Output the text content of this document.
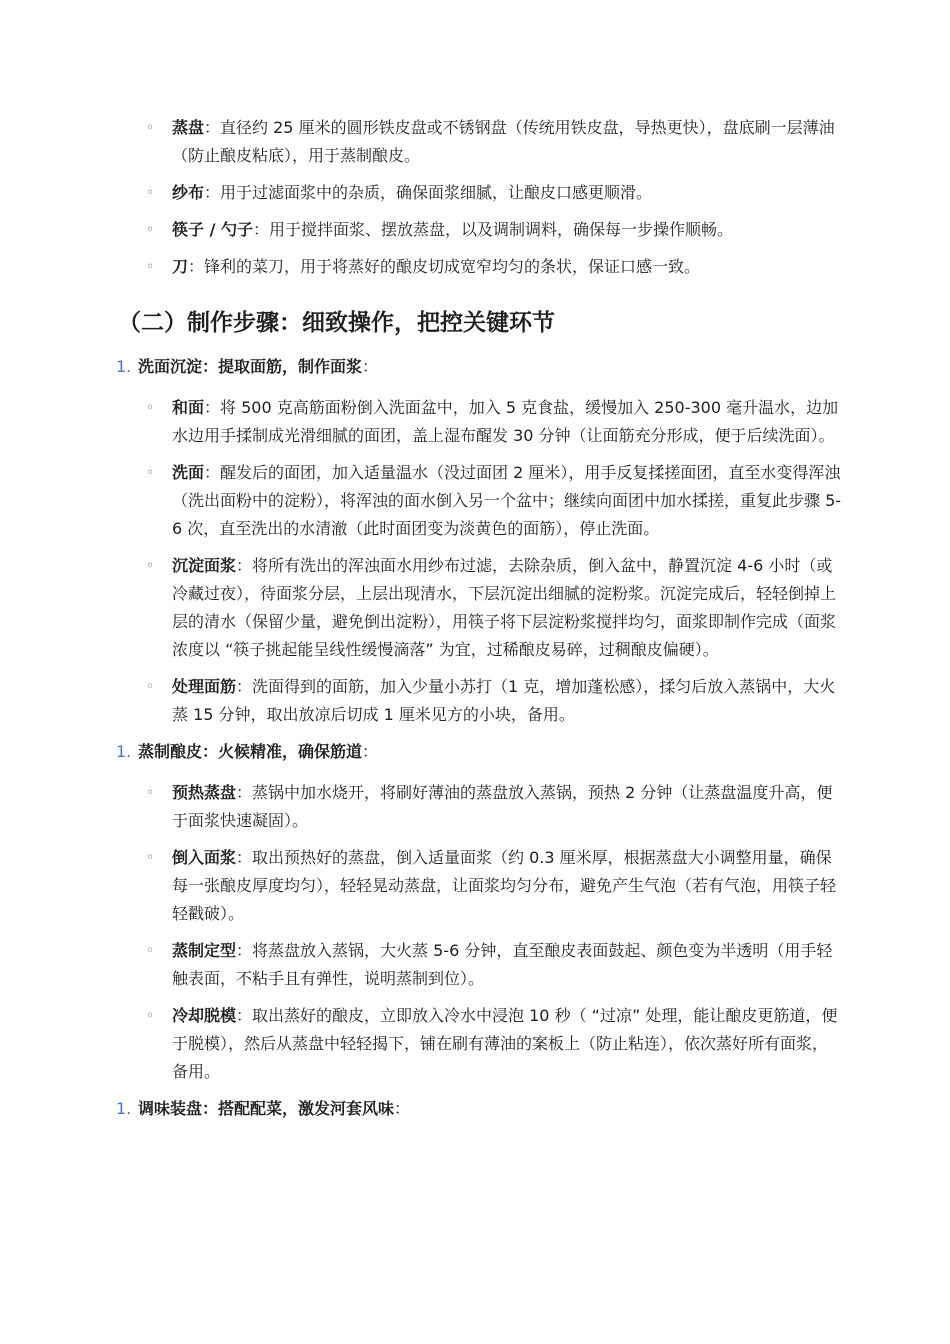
◦ 蒸盘：直径约 25 厘米的圆形铁皮盘或不锈钢盘（传统用铁皮盘，导热更快），盘底刷一层薄油（防止酿皮粘底），用于蒸制酿皮。
◦ 纱布：用于过滤面浆中的杂质，确保面浆细腻，让酿皮口感更顺滑。
◦ 筷子 / 勺子：用于搅拌面浆、摆放蒸盘，以及调制调料，确保每一步操作顺畅。
◦ 刀：锋利的菜刀，用于将蒸好的酿皮切成宽窄均匀的条状，保证口感一致。
（二）制作步骤：细致操作，把控关键环节
1. 洗面沉淀：提取面筋，制作面浆：
◦ 和面：将 500 克高筋面粉倒入洗面盆中，加入 5 克食盐，缓慢加入 250-300 毫升温水，边加水边用手揉制成光滑细腻的面团，盖上湿布醒发 30 分钟（让面筋充分形成，便于后续洗面）。
◦ 洗面：醒发后的面团，加入适量温水（没过面团 2 厘米），用手反复揉搓面团，直至水变得浑浊（洗出面粉中的淀粉），将浑浊的面水倒入另一个盆中；继续向面团中加水揉搓，重复此步骤 5-6 次，直至洗出的水清澈（此时面团变为淡黄色的面筋），停止洗面。
◦ 沉淀面浆：将所有洗出的浑浊面水用纱布过滤，去除杂质，倒入盆中，静置沉淀 4-6 小时（或冷藏过夜），待面浆分层，上层出现清水，下层沉淀出细腻的淀粉浆。沉淀完成后，轻轻倒掉上层的清水（保留少量，避免倒出淀粉），用筷子将下层淀粉浆搅拌均匀，面浆即制作完成（面浆浓度以 “筷子挑起能呈线性缓慢滴落” 为宜，过稀酿皮易碎，过稠酿皮偏硬）。
◦ 处理面筋：洗面得到的面筋，加入少量小苏打（1 克，增加蓬松感），揉匀后放入蒸锅中，大火蒸 15 分钟，取出放凉后切成 1 厘米见方的小块，备用。
1. 蒸制酿皮：火候精准，确保筋道：
◦ 预热蒸盘：蒸锅中加水烧开，将刷好薄油的蒸盘放入蒸锅，预热 2 分钟（让蒸盘温度升高，便于面浆快速凝固）。
◦ 倒入面浆：取出预热好的蒸盘，倒入适量面浆（约 0.3 厘米厚，根据蒸盘大小调整用量，确保每一张酿皮厚度均匀），轻轻晃动蒸盘，让面浆均匀分布，避免产生气泡（若有气泡，用筷子轻轻戳破）。
◦ 蒸制定型：将蒸盘放入蒸锅，大火蒸 5-6 分钟，直至酿皮表面鼓起、颜色变为半透明（用手轻触表面，不粘手且有弹性，说明蒸制到位）。
◦ 冷却脱模：取出蒸好的酿皮，立即放入冷水中浸泡 10 秒（ “过凉” 处理，能让酿皮更筋道，便于脱模），然后从蒸盘中轻轻揭下，铺在刷有薄油的案板上（防止粘连），依次蒸好所有面浆，备用。
1. 调味装盘：搭配配菜，激发河套风味：
